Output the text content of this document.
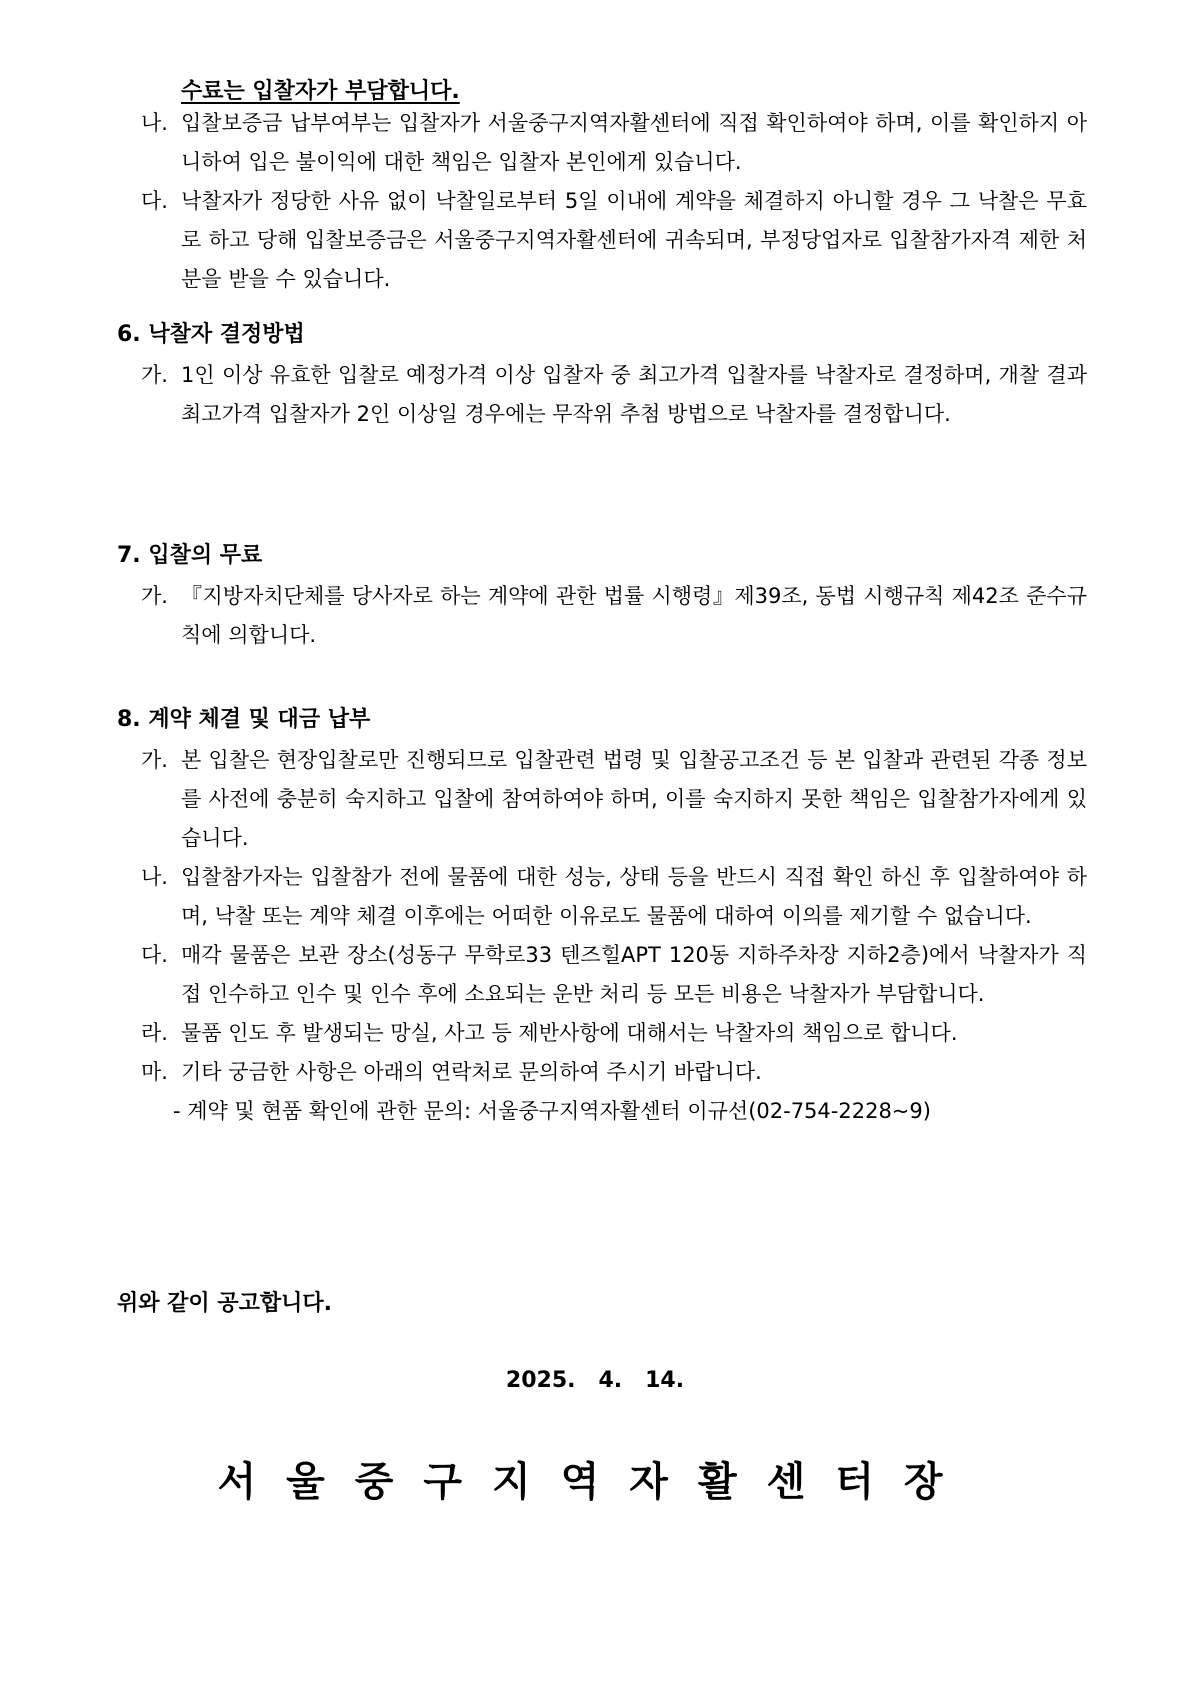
수료는 입찰자가 부담합니다.
나. 입찰보증금 납부여부는 입찰자가 서울중구지역자활센터에 직접 확인하여야 하며, 이를 확인하지 아니하여 입은 불이익에 대한 책임은 입찰자 본인에게 있습니다.
다. 낙찰자가 정당한 사유 없이 낙찰일로부터 5일 이내에 계약을 체결하지 아니할 경우 그 낙찰은 무효로 하고 당해 입찰보증금은 서울중구지역자활센터에 귀속되며, 부정당업자로 입찰참가자격 제한 처분을 받을 수 있습니다.
6. 낙찰자 결정방법
가. 1인 이상 유효한 입찰로 예정가격 이상 입찰자 중 최고가격 입찰자를 낙찰자로 결정하며, 개찰 결과 최고가격 입찰자가 2인 이상일 경우에는 무작위 추첨 방법으로 낙찰자를 결정합니다.
7. 입찰의 무료
가. 『지방자치단체를 당사자로 하는 계약에 관한 법률 시행령』제39조, 동법 시행규칙 제42조 준수규칙에 의합니다.
8. 계약 체결 및 대금 납부
가. 본 입찰은 현장입찰로만 진행되므로 입찰관련 법령 및 입찰공고조건 등 본 입찰과 관련된 각종 정보를 사전에 충분히 숙지하고 입찰에 참여하여야 하며, 이를 숙지하지 못한 책임은 입찰참가자에게 있습니다.
나. 입찰참가자는 입찰참가 전에 물품에 대한 성능, 상태 등을 반드시 직접 확인 하신 후 입찰하여야 하며, 낙찰 또는 계약 체결 이후에는 어떠한 이유로도 물품에 대하여 이의를 제기할 수 없습니다.
다. 매각 물품은 보관 장소(성동구 무학로33 텐즈힐APT 120동 지하주차장 지하2층)에서 낙찰자가 직접 인수하고 인수 및 인수 후에 소요되는 운반 처리 등 모든 비용은 낙찰자가 부담합니다.
라. 물품 인도 후 발생되는 망실, 사고 등 제반사항에 대해서는 낙찰자의 책임으로 합니다.
마. 기타 궁금한 사항은 아래의 연락처로 문의하여 주시기 바랍니다.
- 계약 및 현품 확인에 관한 문의: 서울중구지역자활센터 이규선(02-754-2228~9)
위와 같이 공고합니다.
2025.   4.   14.
서울중구지역자활센터장
